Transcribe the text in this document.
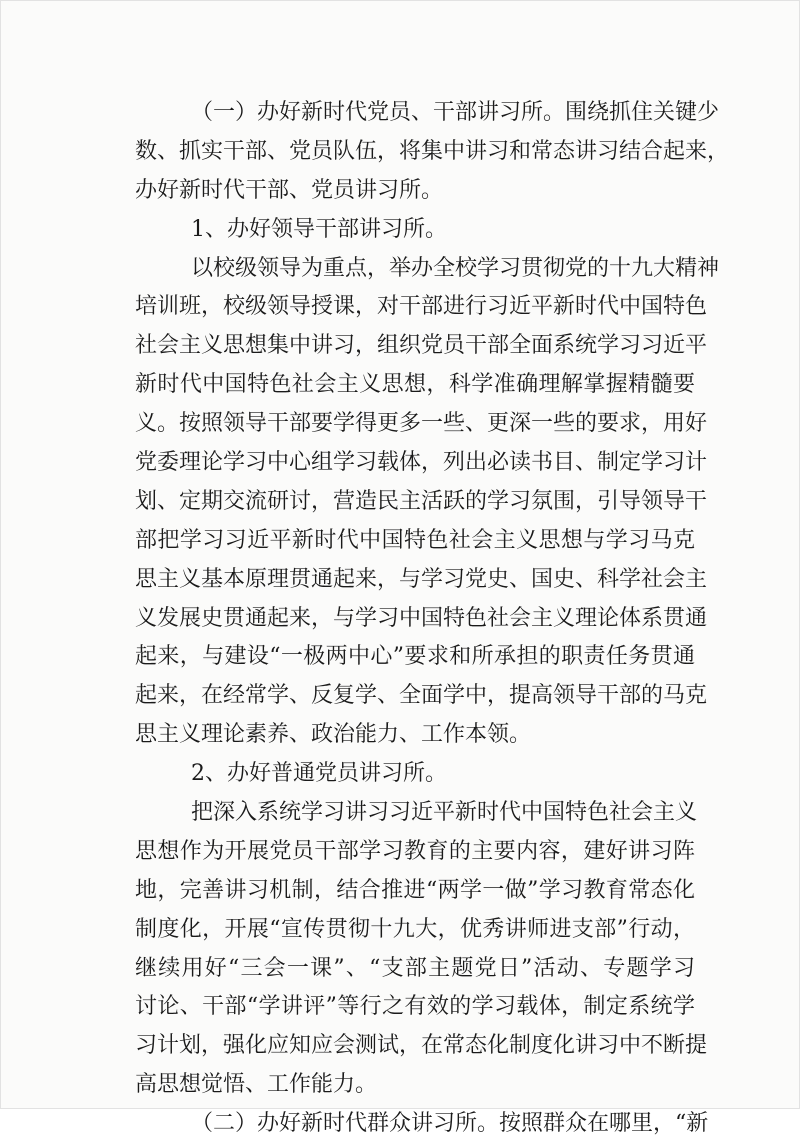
（一）办好新时代党员、干部讲习所。围绕抓住关键少
数、抓实干部、党员队伍，将集中讲习和常态讲习结合起来，
办好新时代干部、党员讲习所。
1、办好领导干部讲习所。
以校级领导为重点，举办全校学习贯彻党的十九大精神
培训班，校级领导授课，对干部进行习近平新时代中国特色
社会主义思想集中讲习，组织党员干部全面系统学习习近平
新时代中国特色社会主义思想，科学准确理解掌握精髓要
义。按照领导干部要学得更多一些、更深一些的要求，用好
党委理论学习中心组学习载体，列出必读书目、制定学习计
划、定期交流研讨，营造民主活跃的学习氛围，引导领导干
部把学习习近平新时代中国特色社会主义思想与学习马克
思主义基本原理贯通起来，与学习党史、国史、科学社会主
义发展史贯通起来，与学习中国特色社会主义理论体系贯通
起来，与建设“一极两中心”要求和所承担的职责任务贯通
起来，在经常学、反复学、全面学中，提高领导干部的马克
思主义理论素养、政治能力、工作本领。
2、办好普通党员讲习所。
把深入系统学习讲习习近平新时代中国特色社会主义
思想作为开展党员干部学习教育的主要内容，建好讲习阵
地，完善讲习机制，结合推进“两学一做”学习教育常态化
制度化，开展“宣传贯彻十九大，优秀讲师进支部”行动，
继续用好“三会一课”、“支部主题党日”活动、专题学习
讨论、干部“学讲评”等行之有效的学习载体，制定系统学
习计划，强化应知应会测试，在常态化制度化讲习中不断提
高思想觉悟、工作能力。
（二）办好新时代群众讲习所。按照群众在哪里，“新
